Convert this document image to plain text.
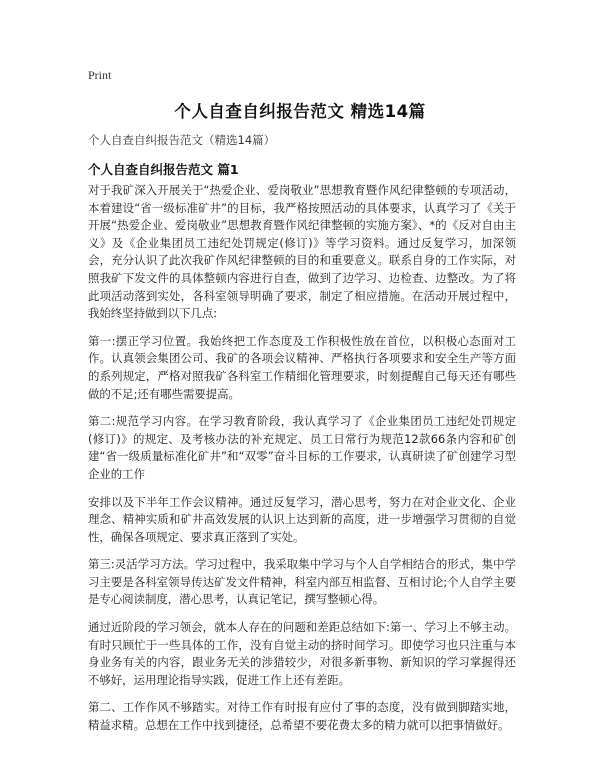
Print
个人自查自纠报告范文 精选14篇
个人自查自纠报告范文（精选14篇）
个人自查自纠报告范文 篇1

对于我矿深入开展关于“热爱企业、爱岗敬业”思想教育暨作风纪律整顿的专项活动，本着建设“省一级标准矿井”的目标，我严格按照活动的具体要求，认真学习了《关于开展“热爱企业、爱岗敬业”思想教育暨作风纪律整顿的实施方案》、*的《反对自由主义》及《企业集团员工违纪处罚规定(修订)》等学习资料。通过反复学习，加深领会，充分认识了此次我矿作风纪律整顿的目的和重要意义。联系自身的工作实际，对照我矿下发文件的具体整顿内容进行自查，做到了边学习、边检查、边整改。为了将此项活动落到实处，各科室领导明确了要求，制定了相应措施。在活动开展过程中，我始终坚持做到以下几点:

第一:摆正学习位置。我始终把工作态度及工作积极性放在首位，以积极心态面对工作。认真领会集团公司、我矿的各项会议精神、严格执行各项要求和安全生产等方面的系列规定，严格对照我矿各科室工作精细化管理要求，时刻提醒自己每天还有哪些做的不足;还有哪些需要提高。

第二:规范学习内容。在学习教育阶段，我认真学习了《企业集团员工违纪处罚规定(修订)》的规定、及考核办法的补充规定、员工日常行为规范12款66条内容和矿创建“省一级质量标准化矿井”和“双零”奋斗目标的工作要求，认真研读了矿创建学习型企业的工作

安排以及下半年工作会议精神。通过反复学习，潜心思考，努力在对企业文化、企业理念、精神实质和矿井高效发展的认识上达到新的高度，进一步增强学习贯彻的自觉性，确保各项规定、要求真正落到了实处。

第三:灵活学习方法。学习过程中，我采取集中学习与个人自学相结合的形式，集中学习主要是各科室领导传达矿发文件精神，科室内部互相监督、互相讨论;个人自学主要是专心阅读制度，潜心思考，认真记笔记，撰写整顿心得。

通过近阶段的学习领会，就本人存在的问题和差距总结如下:第一、学习上不够主动。有时只顾忙于一些具体的工作，没有自觉主动的挤时间学习。即使学习也只注重与本身业务有关的内容，跟业务无关的涉猎较少，对很多新事物、新知识的学习掌握得还不够好，运用理论指导实践，促进工作上还有差距。

第二、工作作风不够踏实。对待工作有时报有应付了事的态度，没有做到脚踏实地，精益求精。总想在工作中找到捷径，总希望不要花费太多的精力就可以把事情做好。
